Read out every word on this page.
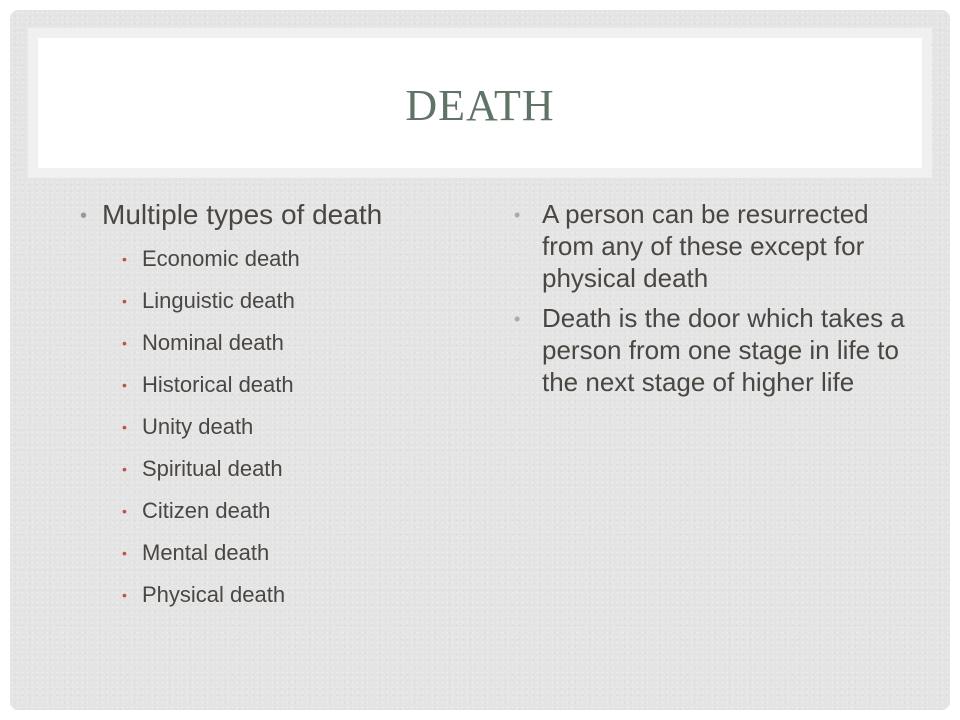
DEATH
• Multiple types of death
• Economic death
• Linguistic death
• Nominal death
• Historical death
• Unity death
• Spiritual death
• Citizen death
• Mental death
• Physical death
• A person can be resurrected from any of these except for physical death
• Death is the door which takes a person from one stage in life to the next stage of higher life
